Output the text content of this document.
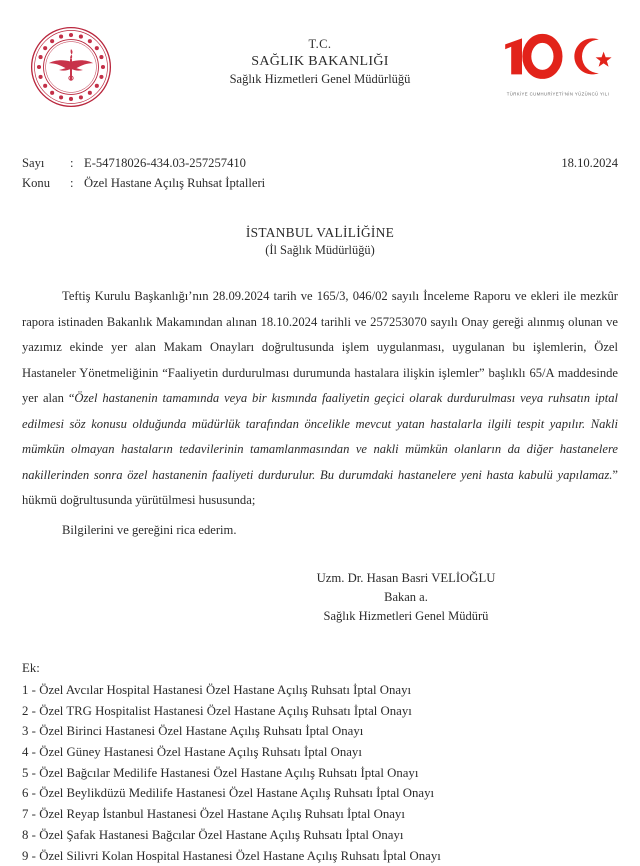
T.C.
SAĞLIK BAKANLIĞI
Sağlık Hizmetleri Genel Müdürlüğü
TÜRKİYE CUMHURİYETİ'NİN YÜZÜNCÜ YILI
Sayı	: E-54718026-434.03-257257410
Konu	: Özel Hastane Açılış Ruhsat İptalleri
18.10.2024
İSTANBUL VALİLİĞİNE
(İl Sağlık Müdürlüğü)
Teftiş Kurulu Başkanlığı’nın 28.09.2024 tarih ve 165/3, 046/02 sayılı İnceleme Raporu ve ekleri ile mezkûr rapora istinaden Bakanlık Makamından alınan 18.10.2024 tarihli ve 257253070 sayılı Onay gereği alınmış olunan ve yazımız ekinde yer alan Makam Onayları doğrultusunda işlem uygulanması, uygulanan bu işlemlerin, Özel Hastaneler Yönetmeliğinin “Faaliyetin durdurulması durumunda hastalara ilişkin işlemler” başlıklı 65/A maddesinde yer alan “Özel hastanenin tamamında veya bir kısmında faaliyetin geçici olarak durdurulması veya ruhsatın iptal edilmesi söz konusu olduğunda müdürlük tarafından öncelikle mevcut yatan hastalarla ilgili tespit yapılır. Nakli mümkün olmayan hastaların tedavilerinin tamamlanmasından ve nakli mümkün olanların da diğer hastanelere nakillerinden sonra özel hastanenin faaliyeti durdurulur. Bu durumdaki hastanelere yeni hasta kabulü yapılamaz.” hükmü doğrultusunda yürütülmesi hususunda;
Bilgilerini ve gereğini rica ederim.
Uzm. Dr. Hasan Basri VELİOĞLU
Bakan a.
Sağlık Hizmetleri Genel Müdürü
Ek:
1 - Özel Avcılar Hospital Hastanesi Özel Hastane Açılış Ruhsatı İptal Onayı
2 - Özel TRG Hospitalist Hastanesi Özel Hastane Açılış Ruhsatı İptal Onayı
3 - Özel Birinci Hastanesi Özel Hastane Açılış Ruhsatı İptal Onayı
4 - Özel Güney Hastanesi Özel Hastane Açılış Ruhsatı İptal Onayı
5 - Özel Bağcılar Medilife Hastanesi Özel Hastane Açılış Ruhsatı İptal Onayı
6 - Özel Beylikdüzü Medilife Hastanesi Özel Hastane Açılış Ruhsatı İptal Onayı
7 - Özel Reyap İstanbul Hastanesi Özel Hastane Açılış Ruhsatı İptal Onayı
8 - Özel Şafak Hastanesi Bağcılar Özel Hastane Açılış Ruhsatı İptal Onayı
9 - Özel Silivri Kolan Hospital Hastanesi Özel Hastane Açılış Ruhsatı İptal Onayı
